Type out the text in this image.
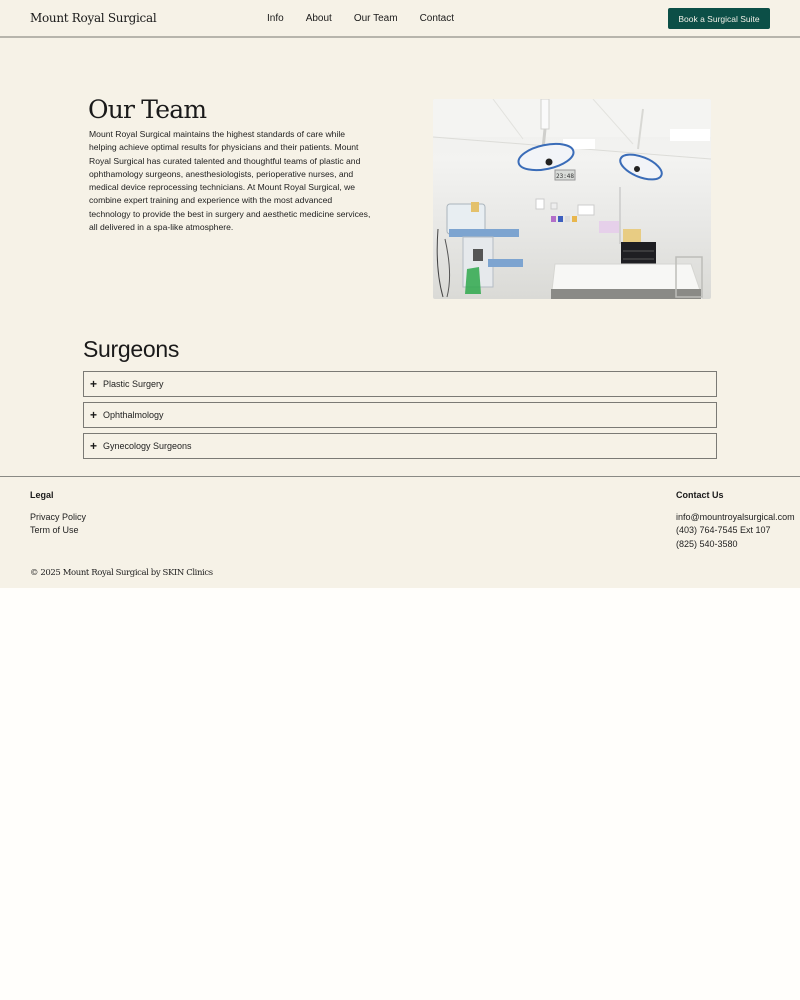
Mount Royal Surgical	Info About Our Team Contact	Book a Surgical Suite
Our Team

Mount Royal Surgical maintains the highest standards of care while helping achieve optimal results for physicians and their patients. Mount Royal Surgical has curated talented and thoughtful teams of plastic and ophthamology surgeons, anesthesiologists, perioperative nurses, and medical device reprocessing technicians. At Mount Royal Surgical, we combine expert training and experience with the most advanced technology to provide the best in surgery and aesthetic medicine services, all delivered in a spa-like atmosphere.

23:48
Surgeons
+ Plastic Surgery
+ Ophthalmology
+ Gynecology Surgeons
Legal
Privacy Policy
Term of Use
Contact Us
info@mountroyalsurgical.com
(403) 764-7545 Ext 107
(825) 540-3580
© 2025 Mount Royal Surgical by SKIN Clinics
